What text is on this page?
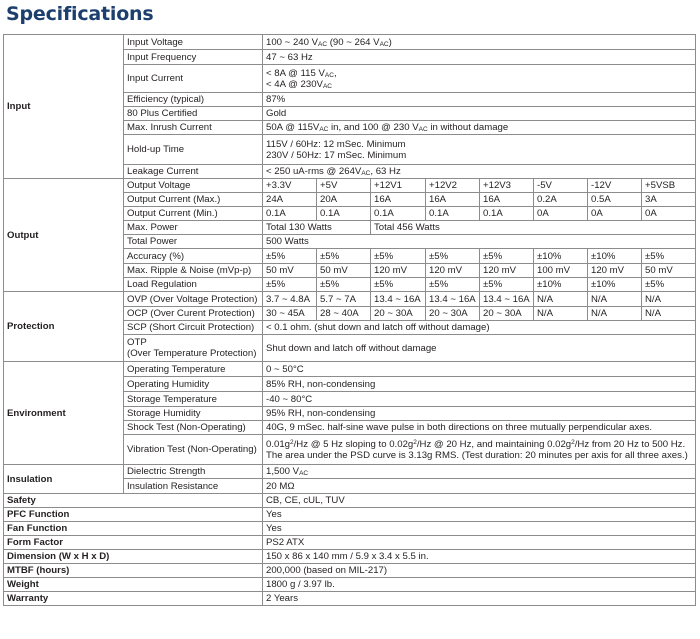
Specifications
Input	Input Voltage	100 ~ 240 $V_{AC}$ (90 ~ 264 $V_{AC}$)							
	Input Frequency	47 ~ 63 Hz							
	Input Current	< 8A @ 115 $V_{AC}$,
< 4A @ $230V_{AC}$
	Efficiency (typical)	87%							
	80 Plus Certified	Gold							
	Max. Inrush Current	50A @ $115V_{AC}$ in, and 100 @ 230 $V_{AC}$ in without damage							
	Hold-up Time	115V / 60Hz: 12 mSec. Minimum
230V / 50Hz: 17 mSec. Minimum							
	Leakage Current	< 250 uA-rms @ $264V_{AC}$, 63 Hz							
Output	Output Voltage	+3.3V	+5V	+12V1	+12V2	+12V3	-5V	-12V	+5VSB
	Output Current (Max.)	24A	20A	16A	16A	16A	0.2A	0.5A	3A
	Output Current (Min.)	0.1A	0.1A	0.1A	0.1A	0.1A	0A	0A	0A
	Max. Power	Total 130 Watts		Total 456 Watts					
	Total Power	500 Watts							
	Accuracy (%)	±5%	±5%	±5%	±5%	±5%	±10%	±10%	±5%
	Max. Ripple & Noise (mVp-p)	50 mV	50 mV	120 mV	120 mV	120 mV	100 mV	120 mV	50 mV
	Load Regulation	±5%	±5%	±5%	±5%	±5%	±10%	±10%	±5%
Protection	OVP (Over Voltage Protection)	3.7 ~ 4.8A	5.7 ~ 7A	13.4 ~ 16A	13.4 ~ 16A	13.4 ~ 16A	N/A	N/A	N/A
	OCP (Over Curent Protection)	30 ~ 45A	28 ~ 40A	20 ~ 30A	20 ~ 30A	20 ~ 30A	N/A	N/A	N/A
	SCP (Short Circuit Protection)	< 0.1 ohm. (shut down and latch off without damage)							
	OTP
(Over Temperature Protection)	Shut down and latch off without damage							
Environment	Operating Temperature	0 ~ 50°C							
	Operating Humidity	85% RH, non-condensing							
	Storage Temperature	-40 ~ 80°C							
	Storage Humidity	95% RH, non-condensing							
	Shock Test (Non-Operating)	40G, 9 mSec. half-sine wave pulse in both directions on three mutually perpendicular axes.							
	Vibration Test (Non-Operating)	$0.01g^2/Hz$ @ 5 Hz sloping to $0.02g^2/Hz$ @ 20 Hz, and maintaining $0.02g^2/Hz$ from 20 Hz to 500 Hz.
The area under the PSD curve is 3.13g RMS. (Test duration: 20 minutes per axis for all three axes.)							
Insulation	Dielectric Strength	1,500 $V_{AC}$
	Insulation Resistance	20 MΩ							
Safety		CB, CE, cUL, TUV							
PFC Function		Yes							
Fan Function		Yes							
Form Factor		PS2 ATX							
Dimension (W x H x D)		150 x 86 x 140 mm / 5.9 x 3.4 x 5.5 in.							
MTBF (hours)		200,000 (based on MIL-217)							
Weight		1800 g / 3.97 lb.							
Warranty		2 Years							
